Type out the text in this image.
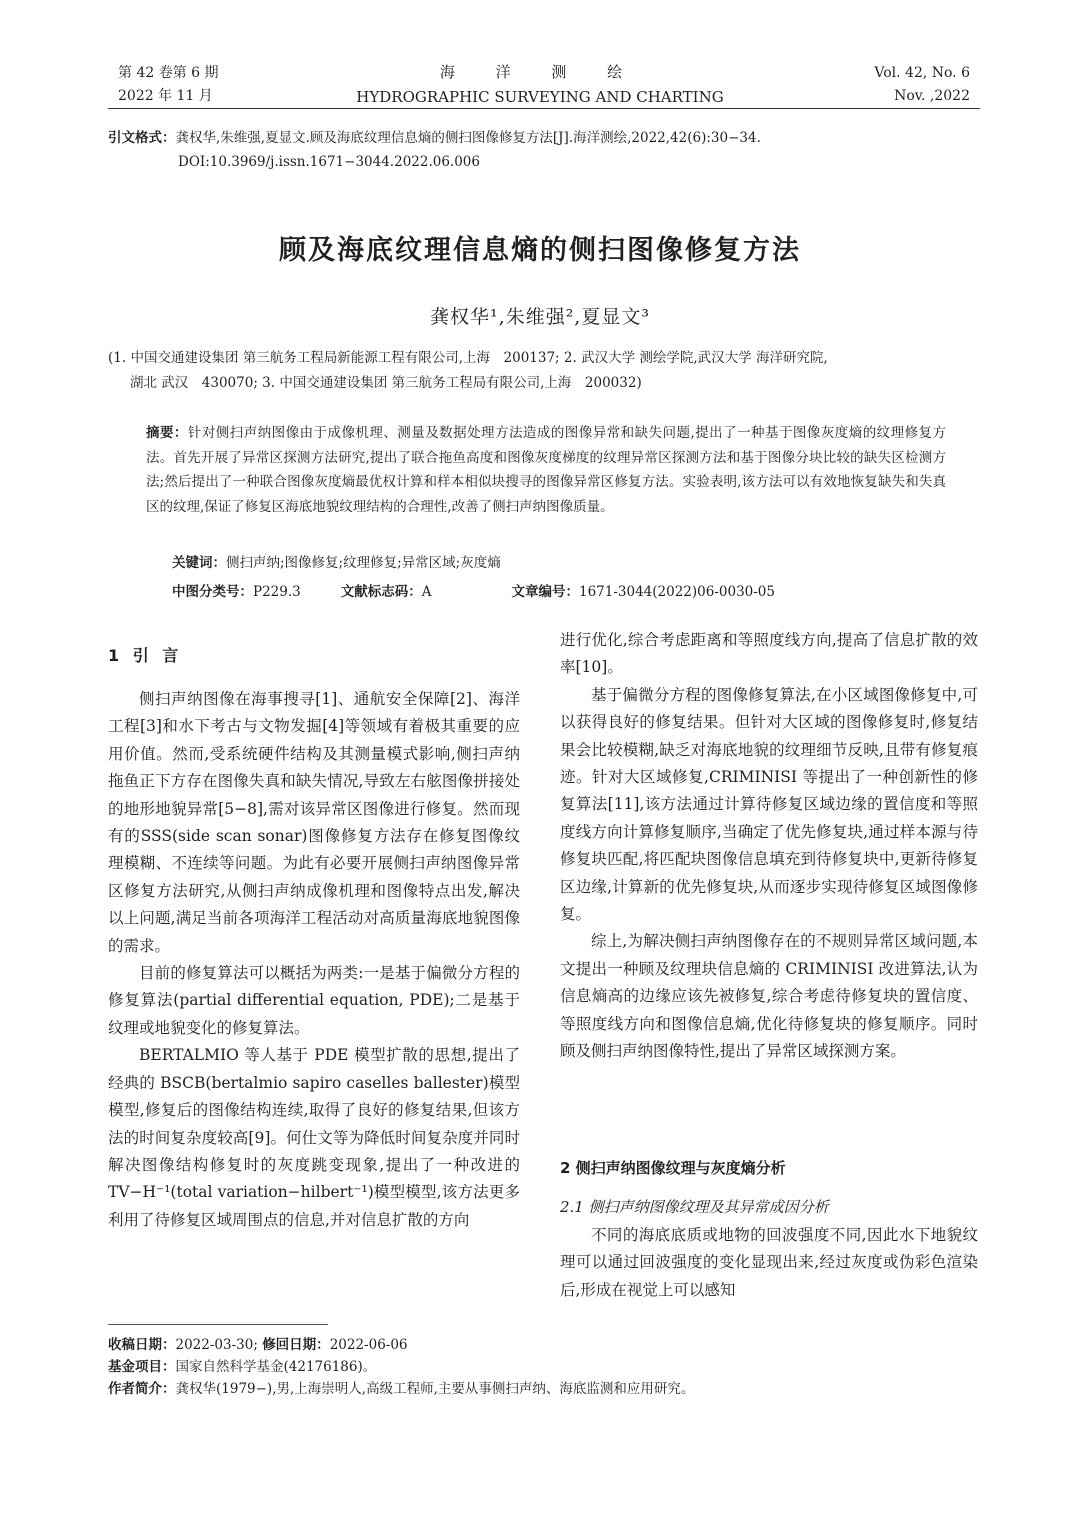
第 42 卷第 6 期
2022 年 11 月
海 洋 测 绘
HYDROGRAPHIC SURVEYING AND CHARTING
Vol. 42, No. 6
Nov. ,2022
引文格式：龚权华,朱维强,夏显文.顾及海底纹理信息熵的侧扫图像修复方法[J].海洋测绘,2022,42(6):30−34.
DOI:10.3969/j.issn.1671−3044.2022.06.006
顾及海底纹理信息熵的侧扫图像修复方法
龚权华¹,朱维强²,夏显文³
(1. 中国交通建设集团 第三航务工程局新能源工程有限公司,上海　200137; 2. 武汉大学 测绘学院,武汉大学 海洋研究院,
湖北 武汉　430070; 3. 中国交通建设集团 第三航务工程局有限公司,上海　200032)
摘要：针对侧扫声纳图像由于成像机理、测量及数据处理方法造成的图像异常和缺失问题,提出了一种基于图像灰度熵的纹理修复方法。首先开展了异常区探测方法研究,提出了联合拖鱼高度和图像灰度梯度的纹理异常区探测方法和基于图像分块比较的缺失区检测方法;然后提出了一种联合图像灰度熵最优权计算和样本相似块搜寻的图像异常区修复方法。实验表明,该方法可以有效地恢复缺失和失真区的纹理,保证了修复区海底地貌纹理结构的合理性,改善了侧扫声纳图像质量。
关键词：侧扫声纳;图像修复;纹理修复;异常区域;灰度熵
中图分类号：P229.3	文献标志码：A	文章编号：1671-3044(2022)06-0030-05
1 引 言

侧扫声纳图像在海事搜寻[1]、通航安全保障[2]、海洋工程[3]和水下考古与文物发掘[4]等领域有着极其重要的应用价值。然而,受系统硬件结构及其测量模式影响,侧扫声纳拖鱼正下方存在图像失真和缺失情况,导致左右舷图像拼接处的地形地貌异常[5−8],需对该异常区图像进行修复。然而现有的SSS(side scan sonar)图像修复方法存在修复图像纹理模糊、不连续等问题。为此有必要开展侧扫声纳图像异常区修复方法研究,从侧扫声纳成像机理和图像特点出发,解决以上问题,满足当前各项海洋工程活动对高质量海底地貌图像的需求。

目前的修复算法可以概括为两类:一是基于偏微分方程的修复算法(partial differential equation, PDE);二是基于纹理或地貌变化的修复算法。

BERTALMIO 等人基于 PDE 模型扩散的思想,提出了经典的 BSCB(bertalmio sapiro caselles ballester)模型模型,修复后的图像结构连续,取得了良好的修复结果,但该方法的时间复杂度较高[9]。何仕文等为降低时间复杂度并同时解决图像结构修复时的灰度跳变现象,提出了一种改进的 TV−H⁻¹(total variation−hilbert⁻¹)模型模型,该方法更多利用了待修复区域周围点的信息,并对信息扩散的方向

进行优化,综合考虑距离和等照度线方向,提高了信息扩散的效率[10]。

基于偏微分方程的图像修复算法,在小区域图像修复中,可以获得良好的修复结果。但针对大区域的图像修复时,修复结果会比较模糊,缺乏对海底地貌的纹理细节反映,且带有修复痕迹。针对大区域修复,CRIMINISI 等提出了一种创新性的修复算法[11],该方法通过计算待修复区域边缘的置信度和等照度线方向计算修复顺序,当确定了优先修复块,通过样本源与待修复块匹配,将匹配块图像信息填充到待修复块中,更新待修复区边缘,计算新的优先修复块,从而逐步实现待修复区域图像修复。

综上,为解决侧扫声纳图像存在的不规则异常区域问题,本文提出一种顾及纹理块信息熵的 CRIMINISI 改进算法,认为信息熵高的边缘应该先被修复,综合考虑待修复块的置信度、等照度线方向和图像信息熵,优化待修复块的修复顺序。同时顾及侧扫声纳图像特性,提出了异常区域探测方案。

2 侧扫声纳图像纹理与灰度熵分析
2.1 侧扫声纳图像纹理及其异常成因分析

不同的海底底质或地物的回波强度不同,因此水下地貌纹理可以通过回波强度的变化显现出来,经过灰度或伪彩色渲染后,形成在视觉上可以感知

收稿日期：2022-03-30; 修回日期：2022-06-06
基金项目：国家自然科学基金(42176186)。
作者简介：龚权华(1979−),男,上海崇明人,高级工程师,主要从事侧扫声纳、海底监测和应用研究。
